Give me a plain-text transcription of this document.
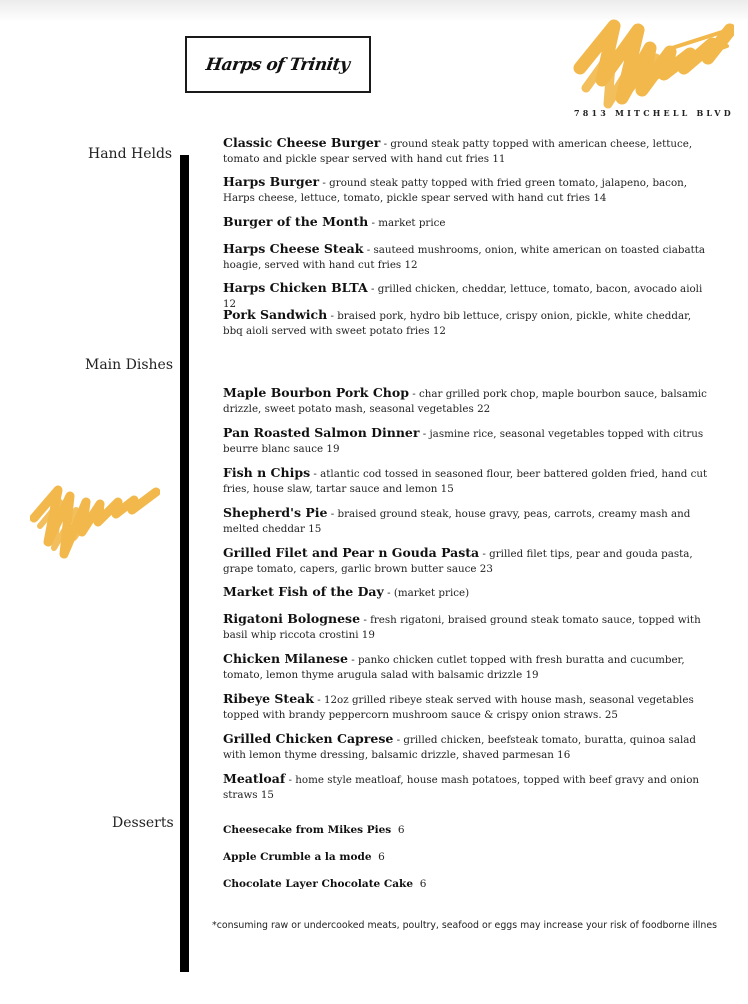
Harps of Trinity
7813 MITCHELL BLVD
Hand Helds
Main Dishes
Desserts
Classic Cheese Burger - ground steak patty topped with american cheese, lettuce, tomato and pickle spear served with hand cut fries 11
Harps Burger - ground steak patty topped with fried green tomato, jalapeno, bacon, Harps cheese, lettuce, tomato, pickle spear served with hand cut fries 14
Burger of the Month - market price
Harps Cheese Steak - sauteed mushrooms, onion, white american on toasted ciabatta hoagie, served with hand cut fries 12
Harps Chicken BLTA - grilled chicken, cheddar, lettuce, tomato, bacon, avocado aioli 12
Pork Sandwich - braised pork, hydro bib lettuce, crispy onion, pickle, white cheddar, bbq aioli served with sweet potato fries 12
Maple Bourbon Pork Chop - char grilled pork chop, maple bourbon sauce, balsamic drizzle, sweet potato mash, seasonal vegetables 22
Pan Roasted Salmon Dinner - jasmine rice, seasonal vegetables topped with citrus beurre blanc sauce 19
Fish n Chips - atlantic cod tossed in seasoned flour, beer battered golden fried, hand cut fries, house slaw, tartar sauce and lemon 15
Shepherd's Pie - braised ground steak, house gravy, peas, carrots, creamy mash and melted cheddar 15
Grilled Filet and Pear n Gouda Pasta - grilled filet tips, pear and gouda pasta, grape tomato, capers, garlic brown butter sauce 23
Market Fish of the Day - (market price)
Rigatoni Bolognese - fresh rigatoni, braised ground steak tomato sauce, topped with basil whip riccota crostini 19
Chicken Milanese - panko chicken cutlet topped with fresh buratta and cucumber, tomato, lemon thyme arugula salad with balsamic drizzle 19
Ribeye Steak - 12oz grilled ribeye steak served with house mash, seasonal vegetables topped with brandy peppercorn mushroom sauce & crispy onion straws. 25
Grilled Chicken Caprese - grilled chicken, beefsteak tomato, buratta, quinoa salad with lemon thyme dressing, balsamic drizzle, shaved parmesan 16
Meatloaf - home style meatloaf, house mash potatoes, topped with beef gravy and onion straws 15
Cheesecake from Mikes Pies  6
Apple Crumble a la mode  6
Chocolate Layer Chocolate Cake  6
*consuming raw or undercooked meats, poultry, seafood or eggs may increase your risk of foodborne illnes
